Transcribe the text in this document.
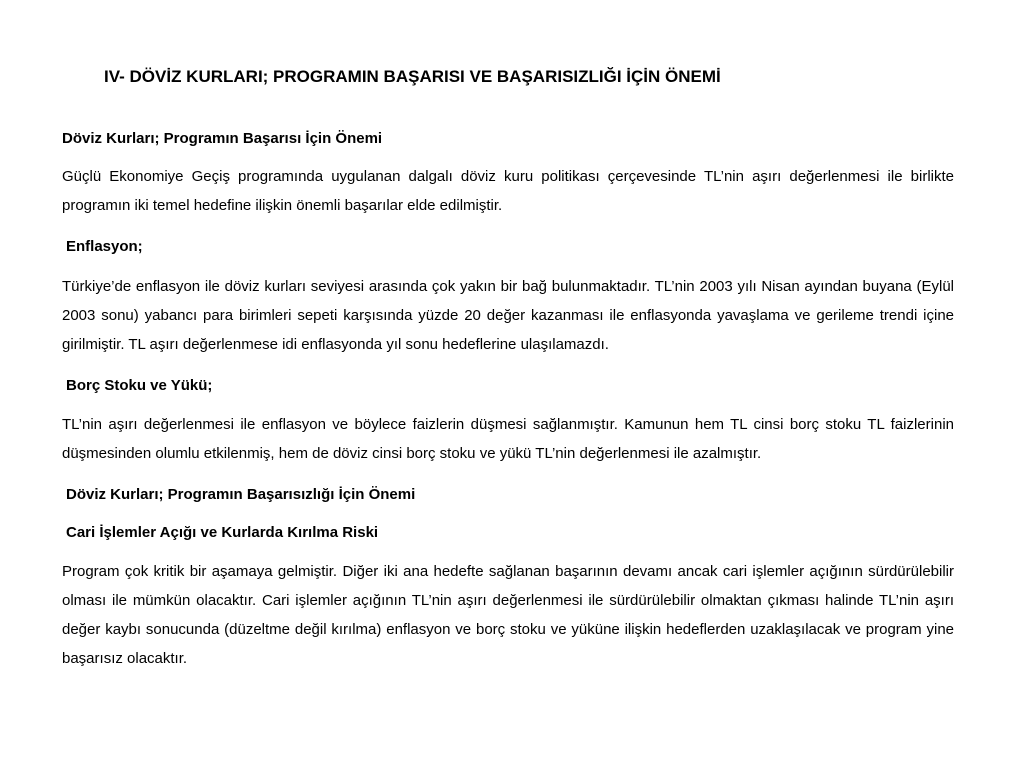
IV- DÖVİZ KURLARI; PROGRAMIN BAŞARISI VE BAŞARISIZLIĞI İÇİN ÖNEMİ
Döviz Kurları; Programın Başarısı İçin Önemi

Güçlü Ekonomiye Geçiş programında uygulanan dalgalı döviz kuru politikası çerçevesinde TL’nin aşırı değerlenmesi ile birlikte programın iki temel hedefine ilişkin önemli başarılar elde edilmiştir.

Enflasyon;

Türkiye’de enflasyon ile döviz kurları seviyesi arasında çok yakın bir bağ bulunmaktadır. TL’nin 2003 yılı Nisan ayından buyana (Eylül 2003 sonu) yabancı para birimleri sepeti karşısında yüzde 20 değer kazanması ile enflasyonda yavaşlama ve gerileme trendi içine girilmiştir. TL aşırı değerlenmese idi enflasyonda yıl sonu hedeflerine ulaşılamazdı.

Borç Stoku ve Yükü;

TL’nin aşırı değerlenmesi ile enflasyon ve böylece faizlerin düşmesi sağlanmıştır. Kamunun hem TL cinsi borç stoku TL faizlerinin düşmesinden olumlu etkilenmiş, hem de döviz cinsi borç stoku ve yükü TL’nin değerlenmesi ile azalmıştır.

Döviz Kurları; Programın Başarısızlığı İçin Önemi
Cari İşlemler Açığı ve Kurlarda Kırılma Riski

Program çok kritik bir aşamaya gelmiştir. Diğer iki ana hedefte sağlanan başarının devamı ancak cari işlemler açığının sürdürülebilir olması ile mümkün olacaktır. Cari işlemler açığının TL’nin aşırı değerlenmesi ile sürdürülebilir olmaktan çıkması halinde TL’nin aşırı değer kaybı sonucunda (düzeltme değil kırılma) enflasyon ve borç stoku ve yüküne ilişkin hedeflerden uzaklaşılacak ve program yine başarısız olacaktır.
